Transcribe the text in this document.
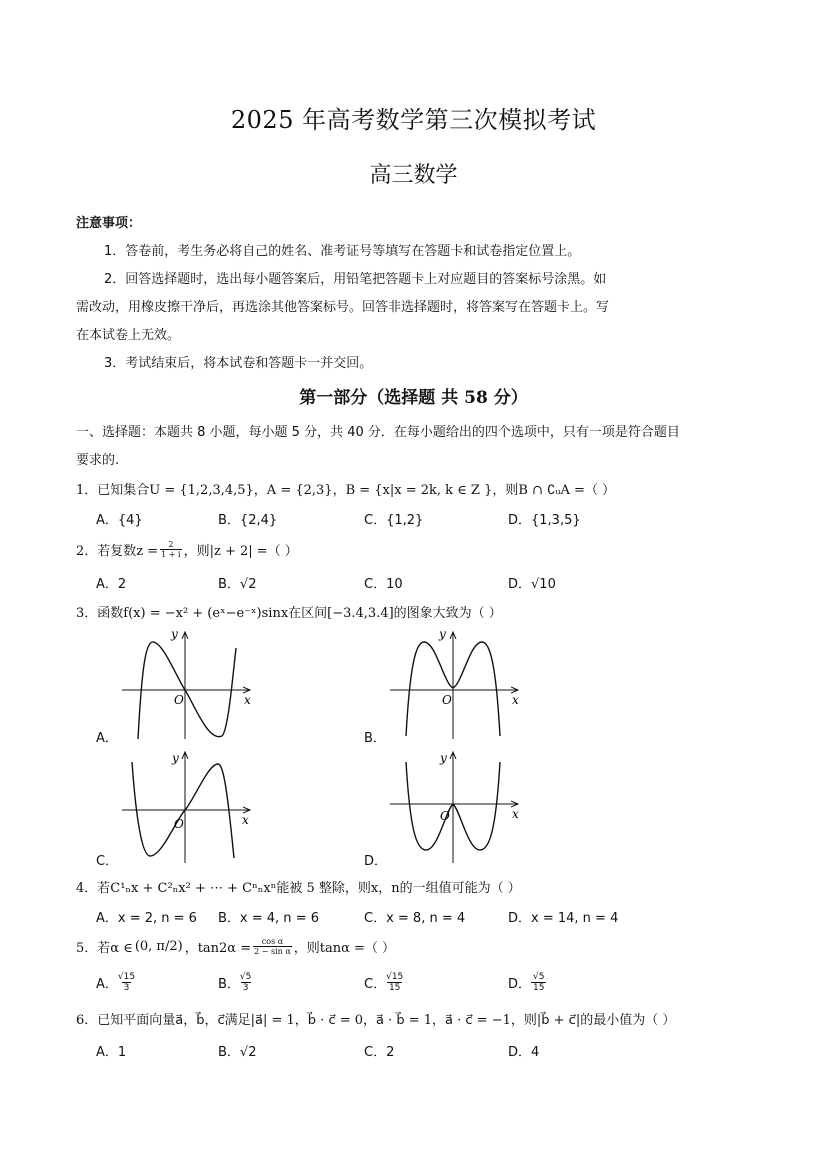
2025 年高考数学第三次模拟考试
高三数学
注意事项：
1．答卷前，考生务必将自己的姓名、准考证号等填写在答题卡和试卷指定位置上。
2．回答选择题时，选出每小题答案后，用铅笔把答题卡上对应题目的答案标号涂黑。如
需改动，用橡皮擦干净后，再选涂其他答案标号。回答非选择题时，将答案写在答题卡上。写
在本试卷上无效。
3．考试结束后，将本试卷和答题卡一并交回。
第一部分（选择题 共 58 分）
一、选择题：本题共 8 小题，每小题 5 分，共 40 分．在每小题给出的四个选项中，只有一项是符合题目
要求的.
1．已知集合U = {1,2,3,4,5}，A = {2,3}，B = {x|x = 2k, k ∈ Z }，则B ∩ ∁ᵤA =（ ）
A．{4}	B．{2,4}	C．{1,2}	D．{1,3,5}
2．若复数$z = \frac{2}{1 + i}$ ，则|z + 2| =（ ）
A．2	B．√2	C．10	D．√10
3．函数f(x) = −x² + (eˣ−e⁻ˣ)sinx在区间[−3.4,3.4]的图象大致为（ ）
y
x
O
A．
y
x
O
B．
y
x
O
C．
y
x
O
D．
4．若C¹ₙx + C²ₙx² + ⋯ + Cⁿₙxⁿ能被 5 整除，则x，n的一组值可能为（ ）
A．x = 2, n = 6 B．x = 4, n = 6	C．x = 8, n = 4	D．x = 14, n = 4
5．若α ∈ (0, π/2) ，$\tan 2\alpha = \frac{\text{cos α}}{\text{2 − sin α}}$ ，则tanα =（ ）
A． $\frac{√15}{3}$	B． $\frac{√5}{3}$	C． $\frac{√15}{15}$	D． $\frac{√5}{15}$
6．已知平面向量a⃗，b⃗，c⃗满足|a⃗| = 1，b⃗ · c⃗ = 0，a⃗ · b⃗ = 1，a⃗ · c⃗ = −1，则|b⃗ + c⃗|的最小值为（ ）
A．1	B．√2	C．2	D．4
